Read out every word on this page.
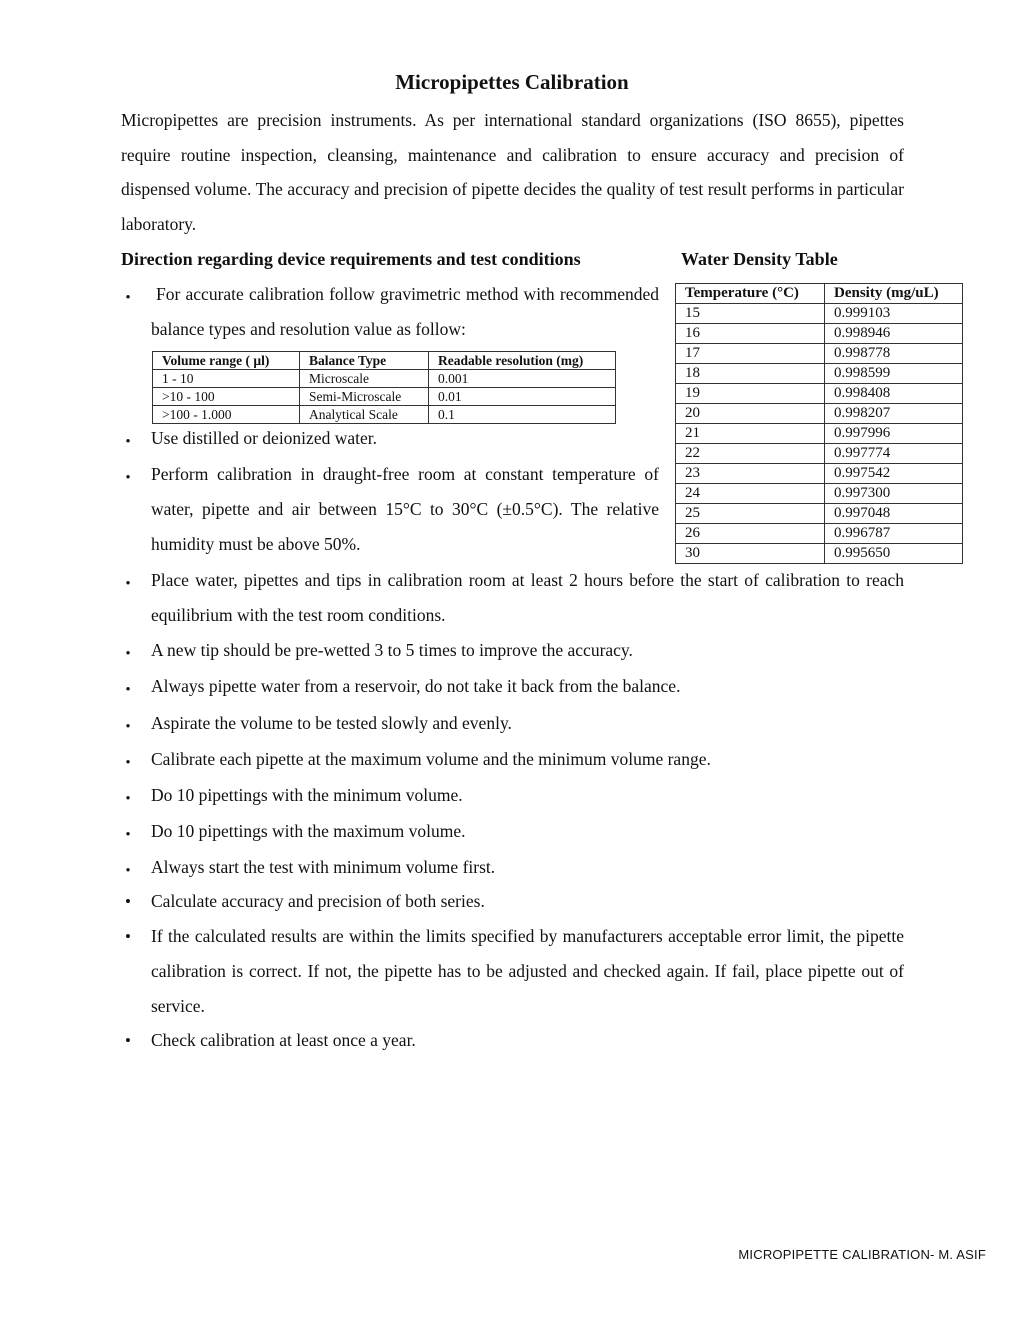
Micropipettes Calibration
Micropipettes are precision instruments. As per international standard organizations (ISO 8655), pipettes require routine inspection, cleansing, maintenance and calibration to ensure accuracy and precision of dispensed volume. The accuracy and precision of pipette decides the quality of test result performs in particular laboratory.
Direction regarding device requirements and test conditions	Water Density Table
●
For accurate calibration follow gravimetric method with recommended balance types and resolution value as follow:
Volume range ( µl)	Balance Type	Readable resolution (mg)
1 - 10	Microscale	0.001
>10 - 100	Semi-Microscale	0.01
>100 - 1.000	Analytical Scale	0.1
Temperature (°C)	Density (mg/uL)
15	0.999103
16	0.998946
17	0.998778
18	0.998599
19	0.998408
20	0.998207
21	0.997996
22	0.997774
23	0.997542
24	0.997300
25	0.997048
26	0.996787
30	0.995650
●
Use distilled or deionized water.
●
Perform calibration in draught-free room at constant temperature of water, pipette and air between 15°C to 30°C (±0.5°C). The relative humidity must be above 50%.
●
Place water, pipettes and tips in calibration room at least 2 hours before the start of calibration to reach equilibrium with the test room conditions.
●
A new tip should be pre-wetted 3 to 5 times to improve the accuracy.
●
Always pipette water from a reservoir, do not take it back from the balance.
●
Aspirate the volume to be tested slowly and evenly.
●
Calibrate each pipette at the maximum volume and the minimum volume range.
●
Do 10 pipettings with the minimum volume.
●
Do 10 pipettings with the maximum volume.
●
Always start the test with minimum volume first.
•
Calculate accuracy and precision of both series.
•
If the calculated results are within the limits specified by manufacturers acceptable error limit, the pipette calibration is correct. If not, the pipette has to be adjusted and checked again. If fail, place pipette out of service.
•
Check calibration at least once a year.
MICROPIPETTE CALIBRATION- M. ASIF
